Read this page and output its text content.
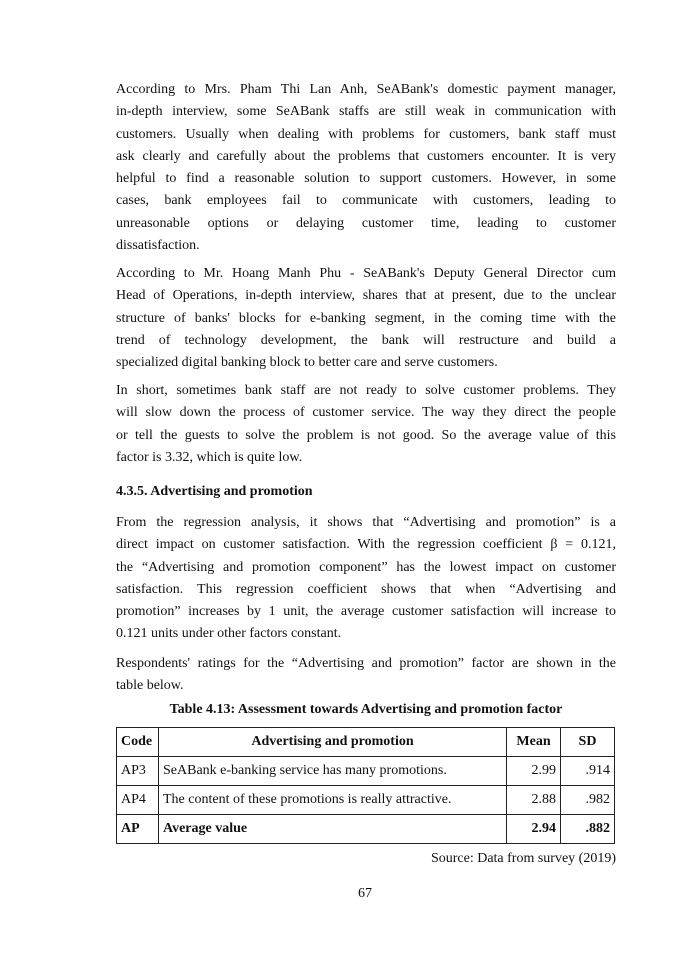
According to Mrs. Pham Thi Lan Anh, SeABank's domestic payment manager,
in-depth interview, some SeABank staffs are still weak in communication with
customers. Usually when dealing with problems for customers, bank staff must
ask clearly and carefully about the problems that customers encounter. It is very
helpful to find a reasonable solution to support customers. However, in some
cases, bank employees fail to communicate with customers, leading to
unreasonable options or delaying customer time, leading to customer
dissatisfaction.
According to Mr. Hoang Manh Phu - SeABank's Deputy General Director cum
Head of Operations, in-depth interview, shares that at present, due to the unclear
structure of banks' blocks for e-banking segment, in the coming time with the
trend of technology development, the bank will restructure and build a
specialized digital banking block to better care and serve customers.
In short, sometimes bank staff are not ready to solve customer problems. They
will slow down the process of customer service. The way they direct the people
or tell the guests to solve the problem is not good. So the average value of this
factor is 3.32, which is quite low.
4.3.5. Advertising and promotion
From the regression analysis, it shows that “Advertising and promotion” is a
direct impact on customer satisfaction. With the regression coefficient β = 0.121,
the “Advertising and promotion component” has the lowest impact on customer
satisfaction. This regression coefficient shows that when “Advertising and
promotion” increases by 1 unit, the average customer satisfaction will increase to
0.121 units under other factors constant.
Respondents' ratings for the “Advertising and promotion” factor are shown in the
table below.
Table 4.13: Assessment towards Advertising and promotion factor
Code	Advertising and promotion	Mean	SD
AP3	SeABank e-banking service has many promotions.	2.99	.914
AP4	The content of these promotions is really attractive.	2.88	.982
AP	Average value	2.94	.882
Source: Data from survey (2019)
67
